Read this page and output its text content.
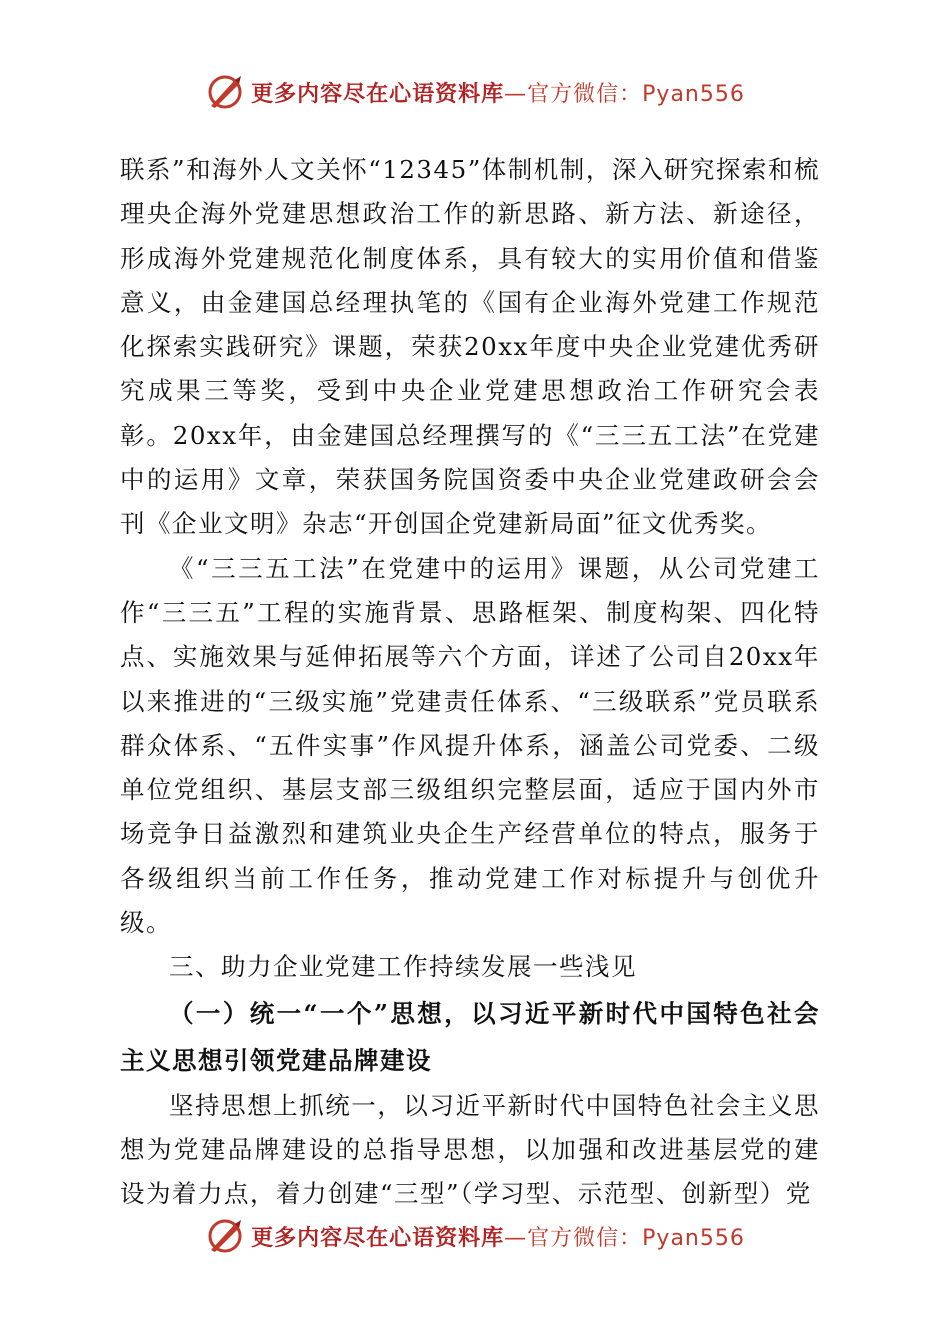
更多内容尽在心语资料库—官方微信：Pyan556

联系”和海外人文关怀“12345”体制机制，深入研究探索和梳理央企海外党建思想政治工作的新思路、新方法、新途径，形成海外党建规范化制度体系，具有较大的实用价值和借鉴意义，由金建国总经理执笔的《国有企业海外党建工作规范化探索实践研究》课题，荣获20xx年度中央企业党建优秀研究成果三等奖，受到中央企业党建思想政治工作研究会表彰。20xx年，由金建国总经理撰写的《“三三五工法”在党建中的运用》文章，荣获国务院国资委中央企业党建政研会会刊《企业文明》杂志“开创国企党建新局面”征文优秀奖。

《“三三五工法”在党建中的运用》课题，从公司党建工作“三三五”工程的实施背景、思路框架、制度构架、四化特点、实施效果与延伸拓展等六个方面，详述了公司自20xx年以来推进的“三级实施”党建责任体系、“三级联系”党员联系群众体系、“五件实事”作风提升体系，涵盖公司党委、二级单位党组织、基层支部三级组织完整层面，适应于国内外市场竞争日益激烈和建筑业央企生产经营单位的特点，服务于各级组织当前工作任务，推动党建工作对标提升与创优升级。

三、助力企业党建工作持续发展一些浅见

（一）统一“一个”思想，以习近平新时代中国特色社会主义思想引领党建品牌建设

坚持思想上抓统一，以习近平新时代中国特色社会主义思想为党建品牌建设的总指导思想，以加强和改进基层党的建设为着力点，着力创建“三型”（学习型、示范型、创新型）党

更多内容尽在心语资料库—官方微信：Pyan556
